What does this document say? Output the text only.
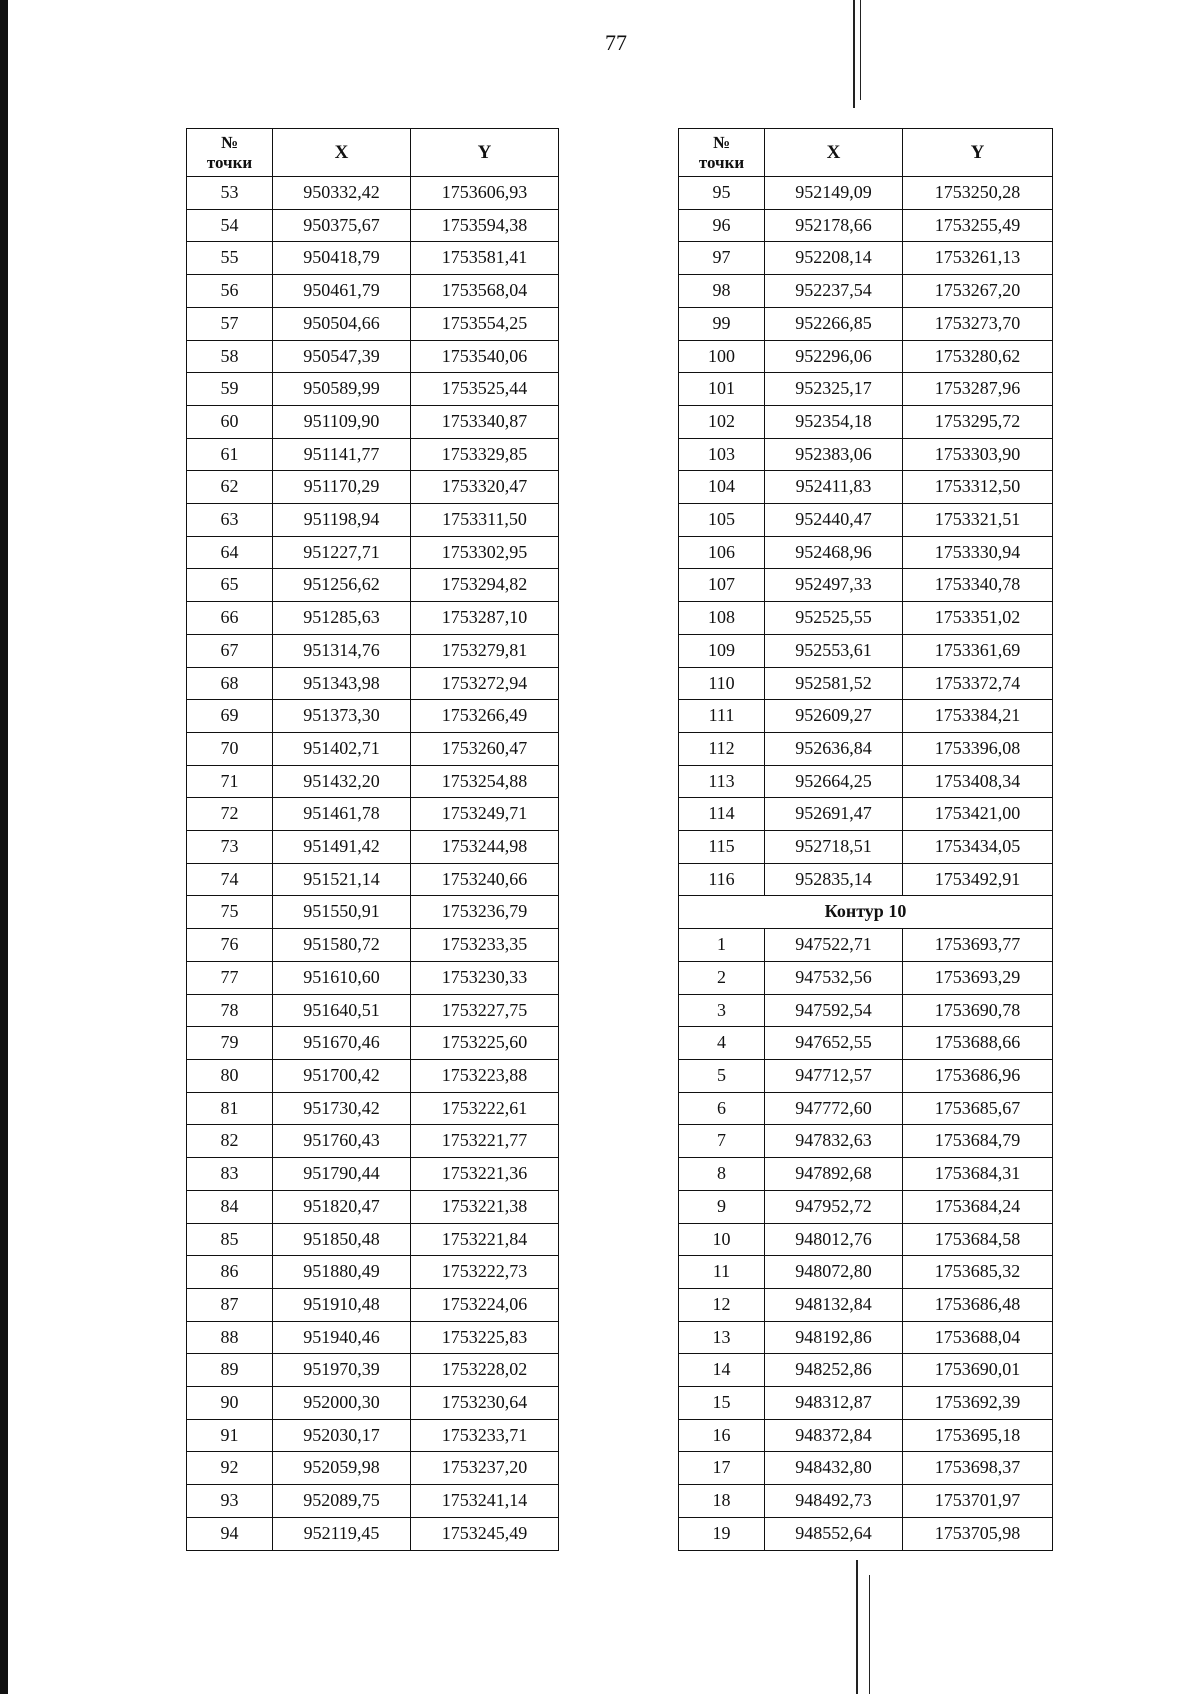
77
№
точки	X	Y
53	950332,42	1753606,93
54	950375,67	1753594,38
55	950418,79	1753581,41
56	950461,79	1753568,04
57	950504,66	1753554,25
58	950547,39	1753540,06
59	950589,99	1753525,44
60	951109,90	1753340,87
61	951141,77	1753329,85
62	951170,29	1753320,47
63	951198,94	1753311,50
64	951227,71	1753302,95
65	951256,62	1753294,82
66	951285,63	1753287,10
67	951314,76	1753279,81
68	951343,98	1753272,94
69	951373,30	1753266,49
70	951402,71	1753260,47
71	951432,20	1753254,88
72	951461,78	1753249,71
73	951491,42	1753244,98
74	951521,14	1753240,66
75	951550,91	1753236,79
76	951580,72	1753233,35
77	951610,60	1753230,33
78	951640,51	1753227,75
79	951670,46	1753225,60
80	951700,42	1753223,88
81	951730,42	1753222,61
82	951760,43	1753221,77
83	951790,44	1753221,36
84	951820,47	1753221,38
85	951850,48	1753221,84
86	951880,49	1753222,73
87	951910,48	1753224,06
88	951940,46	1753225,83
89	951970,39	1753228,02
90	952000,30	1753230,64
91	952030,17	1753233,71
92	952059,98	1753237,20
93	952089,75	1753241,14
94	952119,45	1753245,49
№
точки	X	Y
95	952149,09	1753250,28
96	952178,66	1753255,49
97	952208,14	1753261,13
98	952237,54	1753267,20
99	952266,85	1753273,70
100	952296,06	1753280,62
101	952325,17	1753287,96
102	952354,18	1753295,72
103	952383,06	1753303,90
104	952411,83	1753312,50
105	952440,47	1753321,51
106	952468,96	1753330,94
107	952497,33	1753340,78
108	952525,55	1753351,02
109	952553,61	1753361,69
110	952581,52	1753372,74
111	952609,27	1753384,21
112	952636,84	1753396,08
113	952664,25	1753408,34
114	952691,47	1753421,00
115	952718,51	1753434,05
116	952835,14	1753492,91
Контур 10		
1	947522,71	1753693,77
2	947532,56	1753693,29
3	947592,54	1753690,78
4	947652,55	1753688,66
5	947712,57	1753686,96
6	947772,60	1753685,67
7	947832,63	1753684,79
8	947892,68	1753684,31
9	947952,72	1753684,24
10	948012,76	1753684,58
11	948072,80	1753685,32
12	948132,84	1753686,48
13	948192,86	1753688,04
14	948252,86	1753690,01
15	948312,87	1753692,39
16	948372,84	1753695,18
17	948432,80	1753698,37
18	948492,73	1753701,97
19	948552,64	1753705,98
